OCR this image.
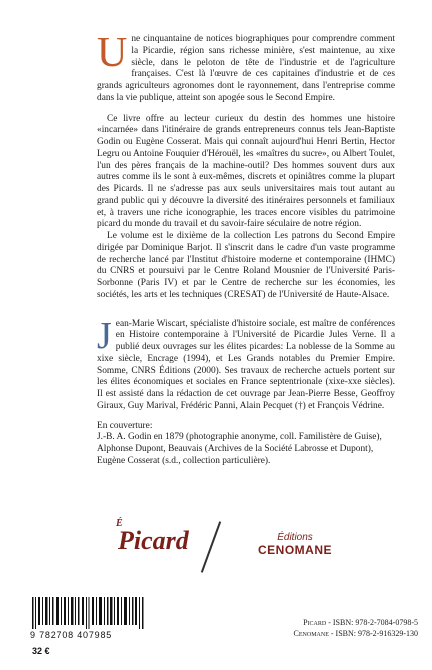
Une cinquantaine de notices biographiques pour comprendre comment la Picardie, région sans richesse minière, s'est maintenue, au xixe siècle, dans le peloton de tête de l'industrie et de l'agriculture françaises. C'est là l'œuvre de ces capitaines d'industrie et de ces grands agriculteurs agronomes dont le rayonnement, dans l'entreprise comme dans la vie publique, atteint son apogée sous le Second Empire.

Ce livre offre au lecteur curieux du destin des hommes une histoire «incarnée» dans l'itinéraire de grands entrepreneurs connus tels Jean-Baptiste Godin ou Eugène Cosserat. Mais qui connaît aujourd'hui Henri Bertin, Hector Legru ou Antoine Fouquier d'Hérouël, les «maîtres du sucre», ou Albert Toulet, l'un des pères français de la machine-outil? Des hommes souvent durs aux autres comme ils le sont à eux-mêmes, discrets et opiniâtres comme la plupart des Picards. Il ne s'adresse pas aux seuls universitaires mais tout autant au grand public qui y découvre la diversité des itinéraires personnels et familiaux et, à travers une riche iconographie, les traces encore visibles du patrimoine picard du monde du travail et du savoir-faire séculaire de notre région.

Le volume est le dixième de la collection Les patrons du Second Empire dirigée par Dominique Barjot. Il s'inscrit dans le cadre d'un vaste programme de recherche lancé par l'Institut d'histoire moderne et contemporaine (IHMC) du CNRS et poursuivi par le Centre Roland Mousnier de l'Université Paris-Sorbonne (Paris IV) et par le Centre de recherche sur les économies, les sociétés, les arts et les techniques (CRESAT) de l'Université de Haute-Alsace.

Jean-Marie Wiscart, spécialiste d'histoire sociale, est maître de conférences en Histoire contemporaine à l'Université de Picardie Jules Verne. Il a publié deux ouvrages sur les élites picardes: La noblesse de la Somme au xixe siècle, Encrage (1994), et Les Grands notables du Premier Empire. Somme, CNRS Éditions (2000). Ses travaux de recherche actuels portent sur les élites économiques et sociales en France septentrionale (xixe-xxe siècles). Il est assisté dans la rédaction de cet ouvrage par Jean-Pierre Besse, Geoffroy Giraux, Guy Marival, Frédéric Panni, Alain Pecquet (†) et François Védrine.

En couverture:

J.-B. A. Godin en 1879 (photographie anonyme, coll. Familistère de Guise),

Alphonse Dupont, Beauvais (Archives de la Société Labrosse et Dupont),

Eugène Cosserat (s.d., collection particulière).

É
Picard	Éditions
CENOMANE
9 782708 407985
32 €
Picard - ISBN: 978-2-7084-0798-5
Cenomane - ISBN: 978-2-916329-130
